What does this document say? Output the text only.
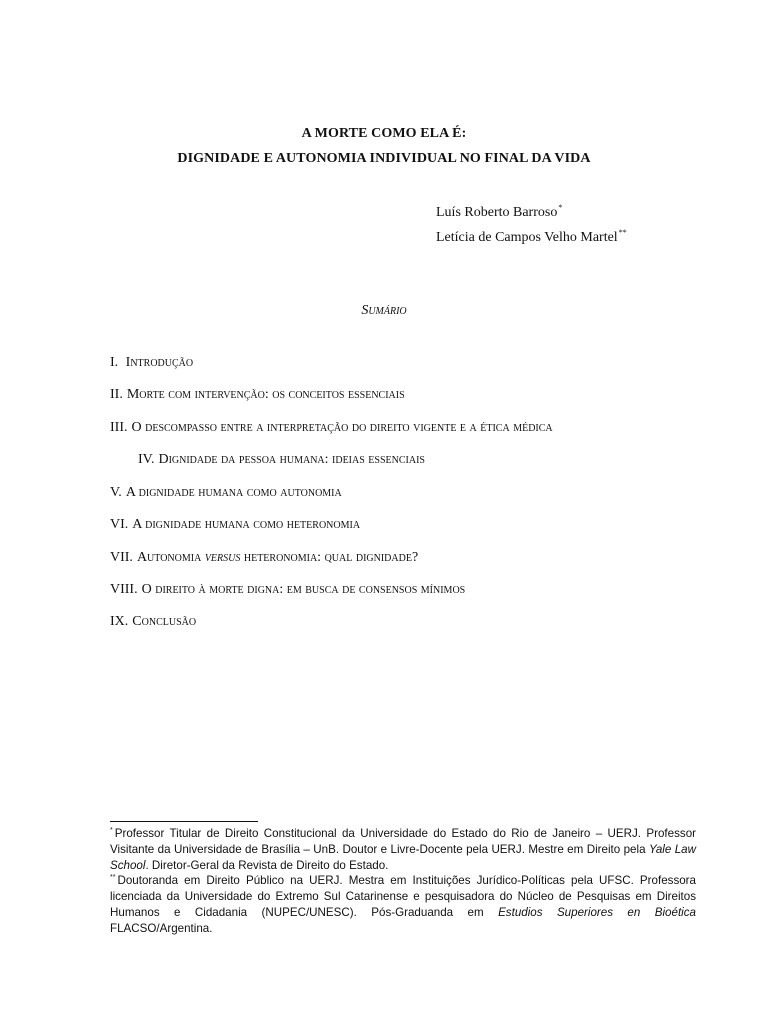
A MORTE COMO ELA É:
DIGNIDADE E AUTONOMIA INDIVIDUAL NO FINAL DA VIDA
Luís Roberto Barroso*
Letícia de Campos Velho Martel**
Sumário
I. Introdução
II. Morte com intervenção: os conceitos essenciais
III. O descompasso entre a interpretação do direito vigente e a ética médica
IV. Dignidade da pessoa humana: ideias essenciais
V. A dignidade humana como autonomia
VI. A dignidade humana como heteronomia
VII. Autonomia versus heteronomia: qual dignidade?
VIII. O direito à morte digna: em busca de consensos mínimos
IX. Conclusão
* Professor Titular de Direito Constitucional da Universidade do Estado do Rio de Janeiro – UERJ. Professor Visitante da Universidade de Brasília – UnB. Doutor e Livre-Docente pela UERJ. Mestre em Direito pela Yale Law School. Diretor-Geral da Revista de Direito do Estado.
** Doutoranda em Direito Público na UERJ. Mestra em Instituições Jurídico-Políticas pela UFSC. Professora licenciada da Universidade do Extremo Sul Catarinense e pesquisadora do Núcleo de Pesquisas em Direitos Humanos e Cidadania (NUPEC/UNESC). Pós-Graduanda em Estudios Superiores en Bioética FLACSO/Argentina.
